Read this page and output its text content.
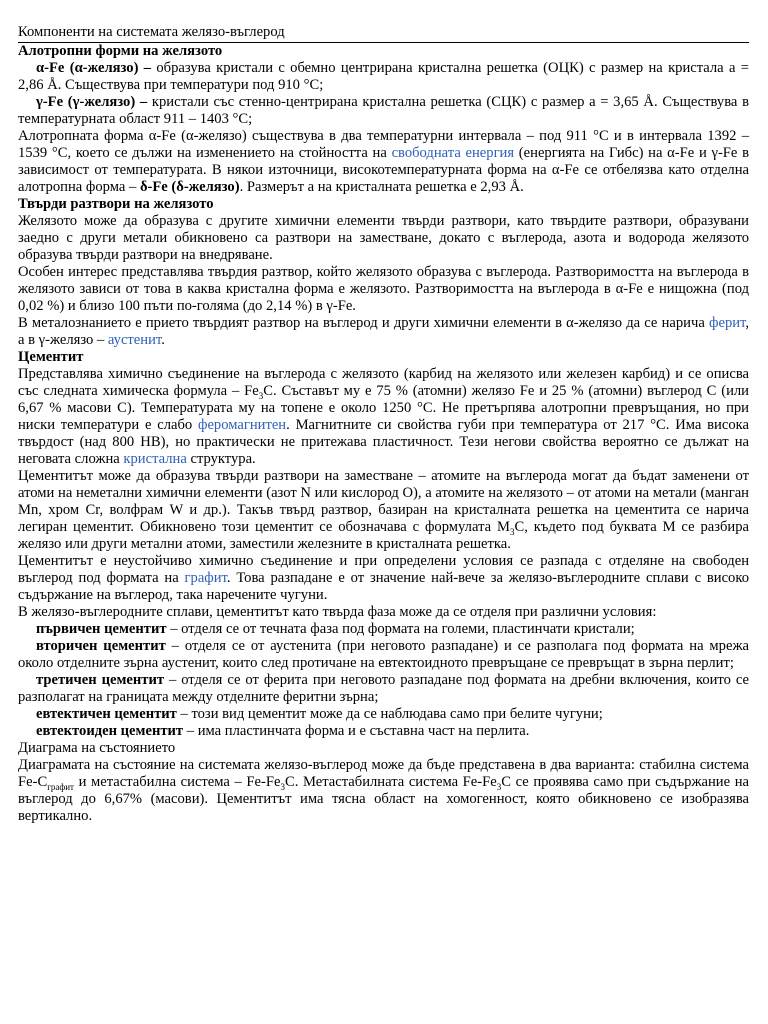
Компоненти на системата желязо-въглерод
Алотропни форми на желязото

α-Fe (α-желязо) – образува кристали с обемно центрирана кристална решетка (ОЦК) с размер на кристала а = 2,86 Å. Съществува при температури под 910 °С;

γ-Fe (γ-желязо) – кристали със стенно-центрирана кристална решетка (СЦК) с размер а = 3,65 Å. Съществува в температурната област 911 – 1403 °С;

Алотропната форма α-Fe (α-желязо) съществува в два температурни интервала – под 911 °С и в интервала 1392 – 1539 °С, което се дължи на изменението на стойността на свободната енергия (енергията на Гибс) на α-Fe и γ-Fe в зависимост от температурата. В някои източници, високотемпературната форма на α-Fe се отбелязва като отделна алотропна форма – δ-Fe (δ-желязо). Размерът а на кристалната решетка е 2,93 Å.

Твърди разтвори на желязото

Желязото може да образува с другите химични елементи твърди разтвори, като твърдите разтвори, образувани заедно с други метали обикновено са разтвори на заместване, докато с въглерода, азота и водорода желязото образува твърди разтвори на внедряване.

Особен интерес представлява твърдия разтвор, който желязото образува с въглерода. Разтворимостта на въглерода в желязото зависи от това в каква кристална форма е желязото. Разтворимостта на въглерода в α-Fe е нищожна (под 0,02 %) и близо 100 пъти по-голяма (до 2,14 %) в γ-Fe.

В металознанието е прието твърдият разтвор на въглерод и други химични елементи в α-желязо да се нарича ферит, а в γ-желязо – аустенит.

Цементит

Представлява химично съединение на въглерода с желязото (карбид на желязото или железен карбид) и се описва със следната химическа формула – $Fe_3C$. Съставът му е 75 % (атомни) желязо Fe и 25 % (атомни) въглерод С (или 6,67 % масови С). Температурата му на топене е около 1250 °С. Не претърпява алотропни превръщания, но при ниски температури е слабо феромагнитен. Магнитните си свойства губи при температура от 217 °С. Има висока твърдост (над 800 HB), но практически не притежава пластичност. Тези негови свойства вероятно се дължат на неговата сложна кристална структура.

Цементитът може да образува твърди разтвори на заместване – атомите на въглерода могат да бъдат заменени от атоми на неметални химични елементи (азот N или кислород О), а атомите на желязото – от атоми на метали (манган Mn, хром Cr, волфрам W и др.). Такъв твърд разтвор, базиран на кристалната решетка на цементита се нарича легиран цементит. Обикновено този цементит се обозначава с формулата $M_3C$, където под буквата М се разбира желязо или други метални атоми, заместили железните в кристалната решетка.

Цементитът е неустойчиво химично съединение и при определени условия се разпада с отделяне на свободен въглерод под формата на графит. Това разпадане е от значение най-вече за желязо-въглеродните сплави с високо съдържание на въглерод, така наречените чугуни.

В желязо-въглеродните сплави, цементитът като твърда фаза може да се отделя при различни условия:

първичен цементит – отделя се от течната фаза под формата на големи, пластинчати кристали;

вторичен цементит – отделя се от аустенита (при неговото разпадане) и се разполага под формата на мрежа около отделните зърна аустенит, които след протичане на евтектоидното превръщане се превръщат в зърна перлит;

третичен цементит – отделя се от ферита при неговото разпадане под формата на дребни включения, които се разполагат на границата между отделните феритни зърна;

евтектичен цементит – този вид цементит може да се наблюдава само при белите чугуни;

евтектоиден цементит – има пластинчата форма и е съставна част на перлита.

Диаграма на състоянието

Диаграмата на състояние на системата желязо-въглерод може да бъде представена в два варианта: стабилна система $Fe-C_{графит}$ и метастабилна система – $Fe-Fe_3C$. Метастабилната система $Fe-Fe_3C$ се проявява само при съдържание на въглерод до 6,67% (масови). Цементитът има тясна област на хомогенност, която обикновено се изобразява вертикално.
